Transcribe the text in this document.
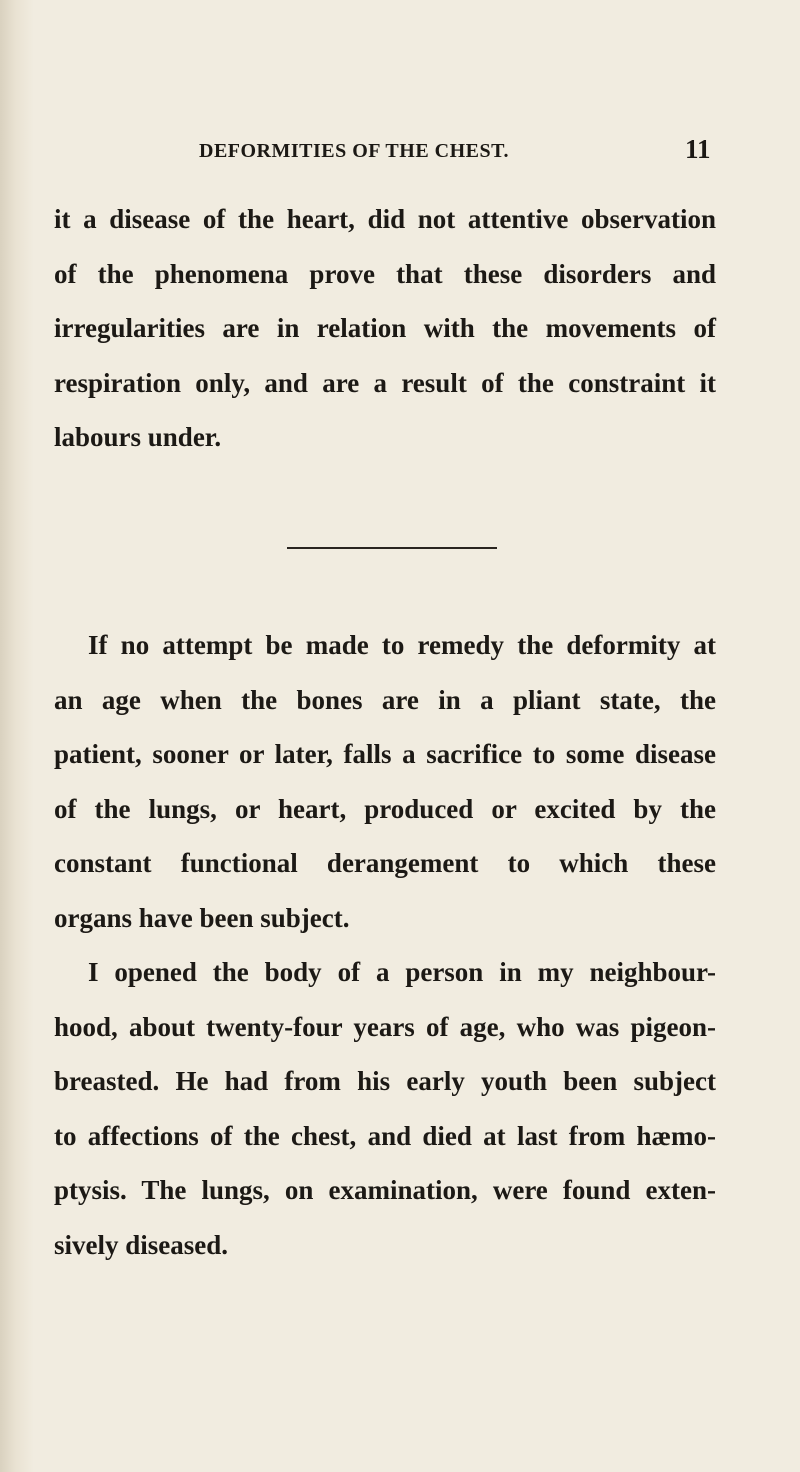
DEFORMITIES OF THE CHEST.	11
it a disease of the heart, did not attentive observation
of the phenomena prove that these disorders and
irregularities are in relation with the movements of
respiration only, and are a result of the constraint it
labours under.
If no attempt be made to remedy the deformity at
an age when the bones are in a pliant state, the
patient, sooner or later, falls a sacrifice to some disease
of the lungs, or heart, produced or excited by the
constant functional derangement to which these
organs have been subject.
I opened the body of a person in my neighbour-
hood, about twenty-four years of age, who was pigeon-
breasted. He had from his early youth been subject
to affections of the chest, and died at last from hæmo-
ptysis. The lungs, on examination, were found exten-
sively diseased.
